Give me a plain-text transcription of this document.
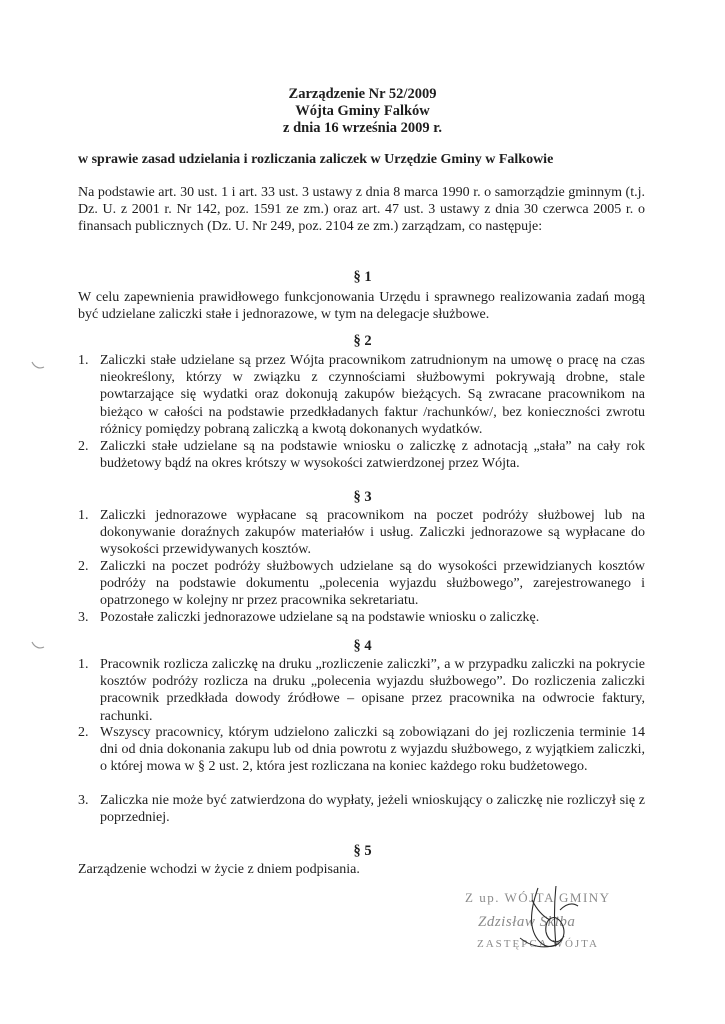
Zarządzenie Nr 52/2009
Wójta Gminy Falków
z dnia 16 września 2009 r.
w sprawie zasad udzielania i rozliczania zaliczek w Urzędzie Gminy w Falkowie
Na podstawie art. 30 ust. 1 i art. 33 ust. 3 ustawy z dnia 8 marca 1990 r. o samorządzie gminnym (t.j. Dz. U. z 2001 r. Nr 142, poz. 1591 ze zm.) oraz art. 47 ust. 3 ustawy z dnia 30 czerwca 2005 r. o finansach publicznych (Dz. U. Nr 249, poz. 2104 ze zm.) zarządzam, co następuje:
§ 1
W celu zapewnienia prawidłowego funkcjonowania Urzędu i sprawnego realizowania zadań mogą być udzielane zaliczki stałe i jednorazowe, w tym na delegacje służbowe.
§ 2
1. Zaliczki stałe udzielane są przez Wójta pracownikom zatrudnionym na umowę o pracę na czas nieokreślony, którzy w związku z czynnościami służbowymi pokrywają drobne, stale powtarzające się wydatki oraz dokonują zakupów bieżących. Są zwracane pracownikom na bieżąco w całości na podstawie przedkładanych faktur /rachunków/, bez konieczności zwrotu różnicy pomiędzy pobraną zaliczką a kwotą dokonanych wydatków.
2. Zaliczki stałe udzielane są na podstawie wniosku o zaliczkę z adnotacją „stała” na cały rok budżetowy bądź na okres krótszy w wysokości zatwierdzonej przez Wójta.
§ 3
1. Zaliczki jednorazowe wypłacane są pracownikom na poczet podróży służbowej lub na dokonywanie doraźnych zakupów materiałów i usług. Zaliczki jednorazowe są wypłacane do wysokości przewidywanych kosztów.
2. Zaliczki na poczet podróży służbowych udzielane są do wysokości przewidzianych kosztów podróży na podstawie dokumentu „polecenia wyjazdu służbowego”, zarejestrowanego i opatrzonego w kolejny nr przez pracownika sekretariatu.
3. Pozostałe zaliczki jednorazowe udzielane są na podstawie wniosku o zaliczkę.
§ 4
1. Pracownik rozlicza zaliczkę na druku „rozliczenie zaliczki”, a w przypadku zaliczki na pokrycie kosztów podróży rozlicza na druku „polecenia wyjazdu służbowego”. Do rozliczenia zaliczki pracownik przedkłada dowody źródłowe – opisane przez pracownika na odwrocie faktury, rachunki.
2. Wszyscy pracownicy, którym udzielono zaliczki są zobowiązani do jej rozliczenia terminie 14 dni od dnia dokonania zakupu lub od dnia powrotu z wyjazdu służbowego, z wyjątkiem zaliczki, o której mowa w § 2 ust. 2, która jest rozliczana na koniec każdego roku budżetowego.
3. Zaliczka nie może być zatwierdzona do wypłaty, jeżeli wnioskujący o zaliczkę nie rozliczył się z poprzedniej.
§ 5
Zarządzenie wchodzi w życie z dniem podpisania.
Z up. WÓJTA GMINY
Zdzisław Skiba
ZASTĘPCA WÓJTA
